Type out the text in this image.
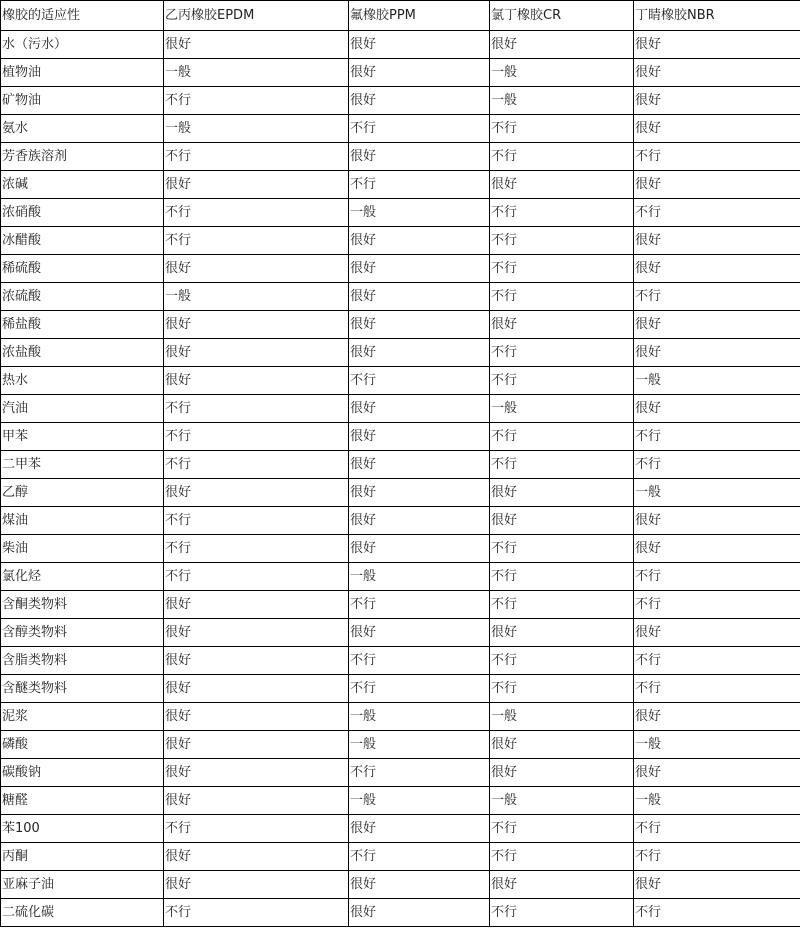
橡胶的适应性	乙丙橡胶EPDM	氟橡胶PPM	氯丁橡胶CR	丁睛橡胶NBR
水（污水）	很好	很好	很好	很好
植物油	一般	很好	一般	很好
矿物油	不行	很好	一般	很好
氨水	一般	不行	不行	很好
芳香族溶剂	不行	很好	不行	不行
浓碱	很好	不行	很好	很好
浓硝酸	不行	一般	不行	不行
冰醋酸	不行	很好	不行	很好
稀硫酸	很好	很好	不行	很好
浓硫酸	一般	很好	不行	不行
稀盐酸	很好	很好	很好	很好
浓盐酸	很好	很好	不行	很好
热水	很好	不行	不行	一般
汽油	不行	很好	一般	很好
甲苯	不行	很好	不行	不行
二甲苯	不行	很好	不行	不行
乙醇	很好	很好	很好	一般
煤油	不行	很好	很好	很好
柴油	不行	很好	不行	很好
氯化烃	不行	一般	不行	不行
含酮类物料	很好	不行	不行	不行
含醇类物料	很好	很好	很好	很好
含脂类物料	很好	不行	不行	不行
含醚类物料	很好	不行	不行	不行
泥浆	很好	一般	一般	很好
磷酸	很好	一般	很好	一般
碳酸钠	很好	不行	很好	很好
糖醛	很好	一般	一般	一般
苯100	不行	很好	不行	不行
丙酮	很好	不行	不行	不行
亚麻子油	很好	很好	很好	很好
二硫化碳	不行	很好	不行	不行
